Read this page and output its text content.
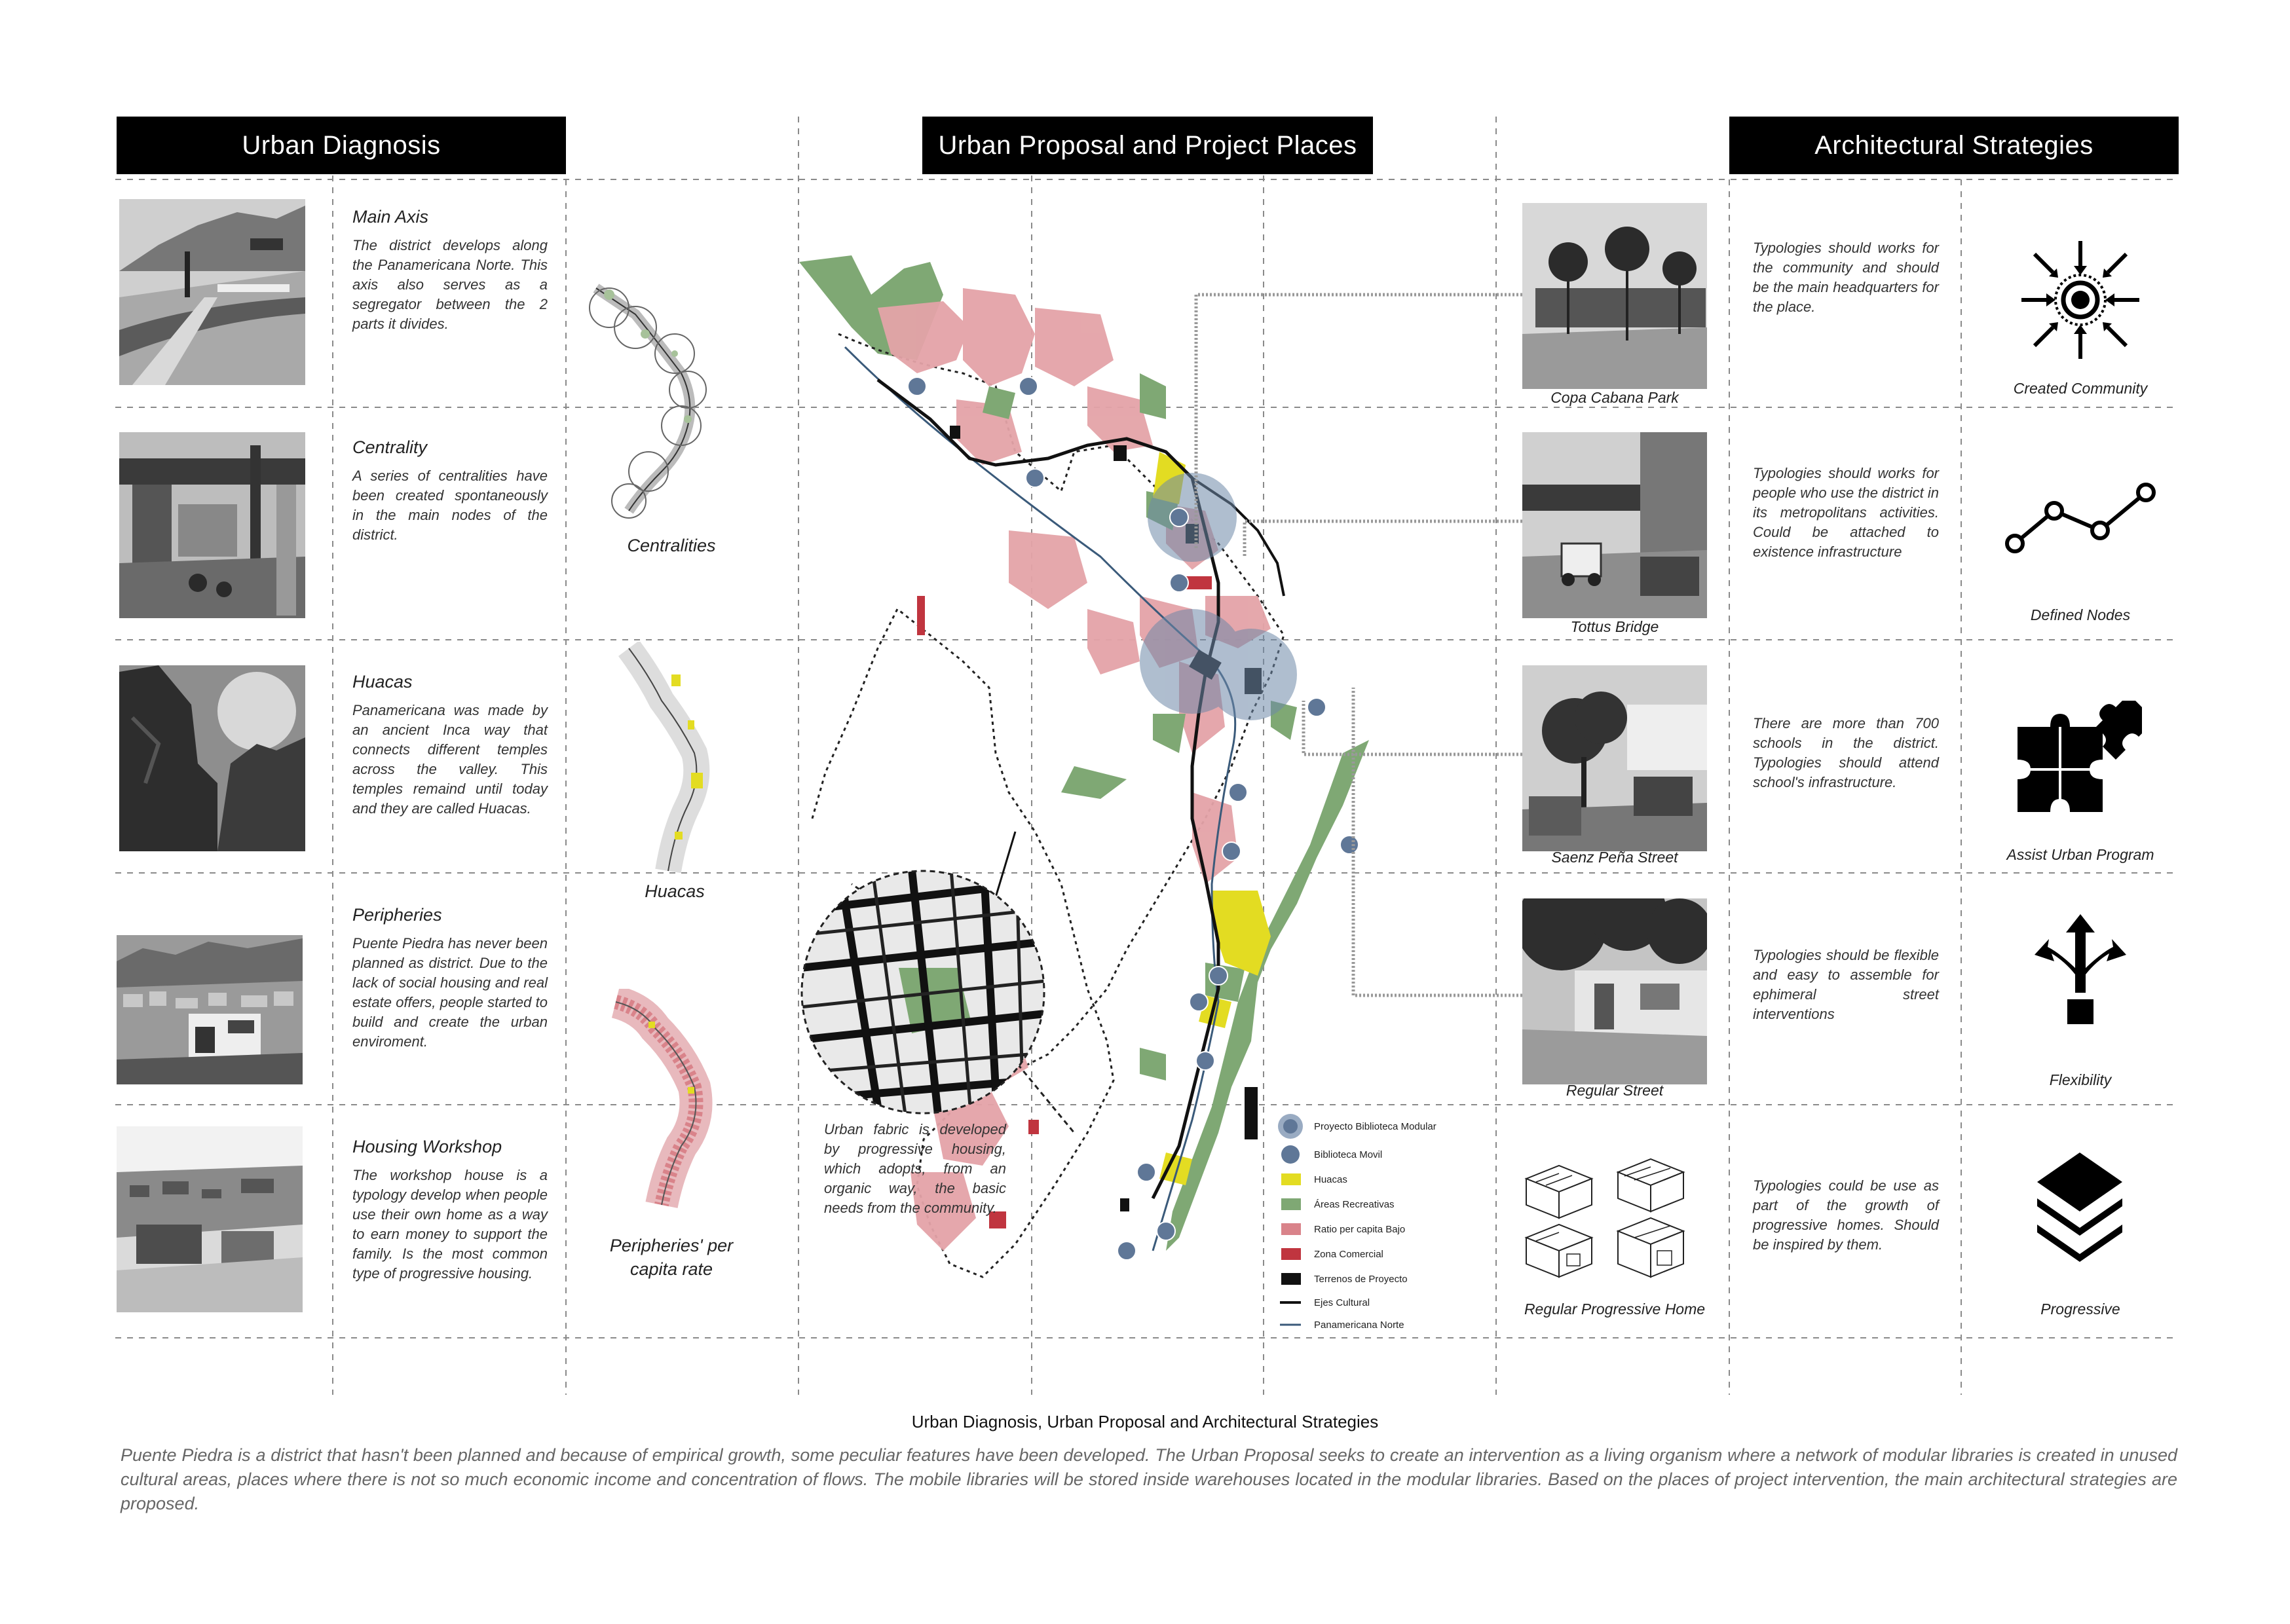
Urban Diagnosis	Urban Proposal and Project Places	Architectural Strategies
Main Axis
The district develops along the Panamericana Norte. This axis also serves as a segregator between the 2 parts it divides.
Centrality
A series of centralities have been created spontaneously in the main nodes of the district.
Huacas
Panamericana was made by an ancient Inca way that connects different temples across the valley. This temples remaind until today and they are called Huacas.
Peripheries
Puente Piedra has never been planned as district. Due to the lack of social housing and real estate offers, people started to build and create the urban enviroment.
Housing Workshop
The workshop house is a typology develop when people use their own home as a way to earn money to support the family. Is the most common type of progressive housing.
Centralities
Huacas
Peripheries' per capita rate
Urban fabric is developed by progressive housing, which adopts, from an organic way, the basic needs from the community.
Proyecto Biblioteca Modular
Biblioteca Movil
Huacas
Áreas Recreativas
Ratio per capita Bajo
Zona Comercial
Terrenos de Proyecto
Ejes Cultural
Panamericana Norte
Copa Cabana Park
Tottus Bridge
Saenz Peña Street
Regular Street
Regular Progressive Home
Typologies should works for the community and should be the main headquarters for the place.
Typologies should works for people who use the district in its metropolitans activities. Could be attached to existence infrastructure
There are more than 700 schools in the district. Typologies should attend school's infrastructure.
Typologies should be flexible and easy to assemble for ephimeral street interventions
Typologies could be use as part of the growth of progressive homes. Should be inspired by them.
Created Community
Defined Nodes
Assist Urban Program
Flexibility
Progressive
Urban Diagnosis, Urban Proposal and Architectural Strategies
Puente Piedra is a district that hasn't been planned and because of empirical growth, some peculiar features have been developed. The Urban Proposal seeks to create an intervention as a living organism where a network of modular libraries is created in unused cultural areas, places where there is not so much economic income and concentration of flows. The mobile libraries will be stored inside warehouses located in the modular libraries. Based on the places of project intervention, the main architectural strategies are proposed.
